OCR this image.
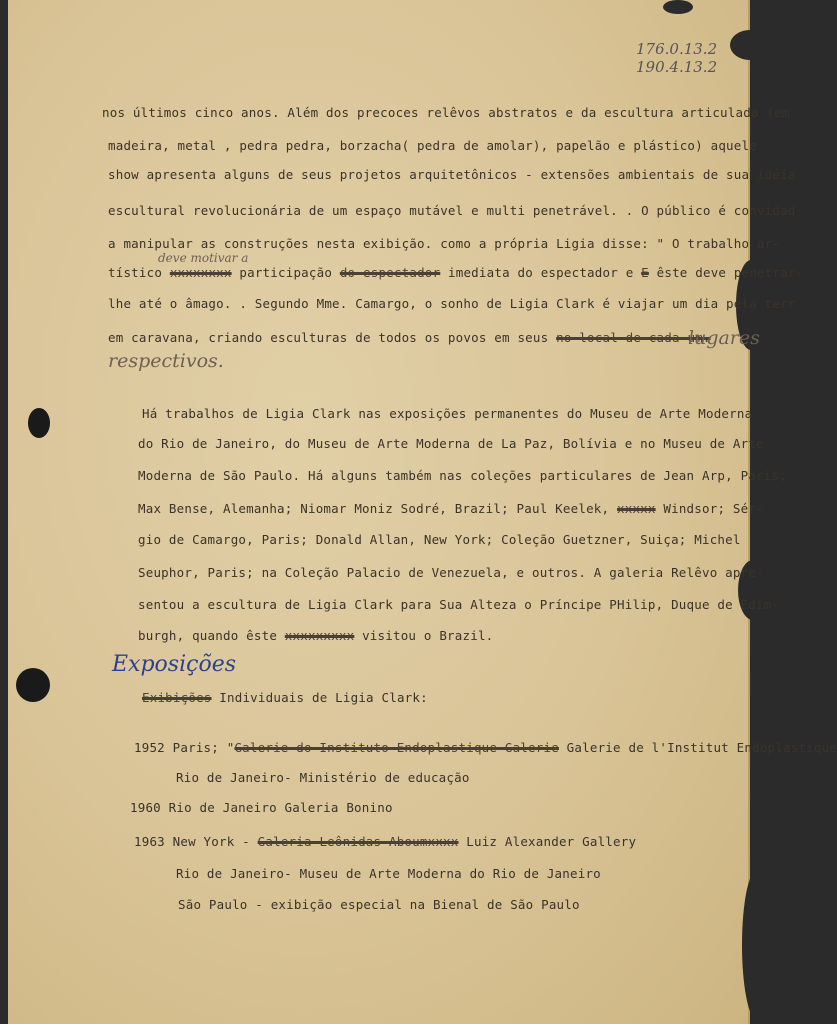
176.0.13.2
190.4.13.2
nos últimos cinco anos. Além dos precoces relêvos abstratos e da escultura articulada (em
madeira, metal , pedra pedra, borzacha( pedra de amolar), papelão e plástico) aquele
show apresenta alguns de seus projetos arquitetônicos - extensões ambientais de sua idéia
escultural revolucionária de um espaço mutável e multi penetrável. . O público é convidad
a manipular as construções nesta exibição. como a própria Ligia disse: " O trabalho ar-
deve motivar a
tístico xxxxxxxx participação do espectador imediata do espectador e E êste deve penetrar-
lhe até o âmago. . Segundo Mme. Camargo, o sonho de Ligia Clark é viajar um dia pela terr
em caravana, criando esculturas de todos os povos em seus no local de cada um.
lugares
respectivos.
Há trabalhos de Ligia Clark nas exposições permanentes do Museu de Arte Moderna
do Rio de Janeiro, do Museu de Arte Moderna de La Paz, Bolívia e no Museu de Arte
Moderna de São Paulo. Há alguns também nas coleções particulares de Jean Arp, Paris;
Max Bense, Alemanha; Niomar Moniz Sodré, Brazil; Paul Keelek, xxxxx Windsor; Sér-
gio de Camargo, Paris; Donald Allan, New York; Coleção Guetzner, Suiça; Michel
Seuphor, Paris; na Coleção Palacio de Venezuela, e outros. A galeria Relêvo apre-
sentou a escultura de Ligia Clark para Sua Alteza o Príncipe PHilip, Duque de Edim-
burgh, quando êste xxxxxxxxx visitou o Brazil.
Exposições
Exibições Individuais de Ligia Clark:
1952 Paris; "Galerie do Instituto Endoplastique Galerie Galerie de l'Institut Endoplastique
Rio de Janeiro- Ministério de educação
1960 Rio de Janeiro Galeria Bonino
1963 New York - Galeria Leônidas Aboumxxxx Luiz Alexander Gallery
Rio de Janeiro- Museu de Arte Moderna do Rio de Janeiro
São Paulo - exibição especial na Bienal de São Paulo
